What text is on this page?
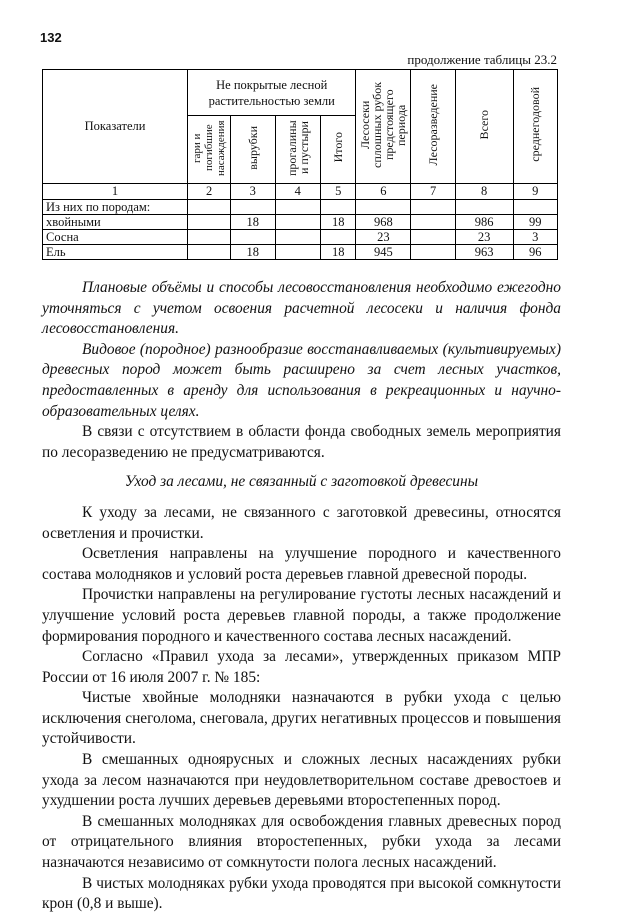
132
продолжение таблицы 23.2
Показатели	Не покрытые лесной растительностью земли				Лесосеки сплошных рубок предстоящего периода	Лесоразведение	Всего	среднегодовой
	гари и погибшие насаждения	вырубки	прогалины и пустыри	Итого				
1	2	3	4	5	6	7	8	9
Из них по породам:								
хвойными		18		18	968		986	99
Сосна					23		23	3
Ель		18		18	945		963	96

Плановые объёмы и способы лесовосстановления необходимо ежегодно уточняться с учетом освоения расчетной лесосеки и наличия фонда лесовосстановления.

Видовое (породное) разнообразие восстанавливаемых (культивируемых) древесных пород может быть расширено за счет лесных участков, предоставленных в аренду для использования в рекреационных и научно-образовательных целях.

В связи с отсутствием в области фонда свободных земель мероприятия по лесоразведению не предусматриваются.

Уход за лесами, не связанный с заготовкой древесины

К уходу за лесами, не связанного с заготовкой древесины, относятся осветления и прочистки.

Осветления направлены на улучшение породного и качественного состава молодняков и условий роста деревьев главной древесной породы.

Прочистки направлены на регулирование густоты лесных насаждений и улучшение условий роста деревьев главной породы, а также продолжение формирования породного и качественного состава лесных насаждений.

Согласно «Правил ухода за лесами», утвержденных приказом МПР России от 16 июля 2007 г. № 185:

Чистые хвойные молодняки назначаются в рубки ухода с целью исключения снеголома, снеговала, других негативных процессов и повышения устойчивости.

В смешанных одноярусных и сложных лесных насаждениях рубки ухода за лесом назначаются при неудовлетворительном составе древостоев и ухудшении роста лучших деревьев деревьями второстепенных пород.

В смешанных молодняках для освобождения главных древесных пород от отрицательного влияния второстепенных, рубки ухода за лесами назначаются независимо от сомкнутости полога лесных насаждений.

В чистых молодняках рубки ухода проводятся при высокой сомкнутости крон (0,8 и выше).
